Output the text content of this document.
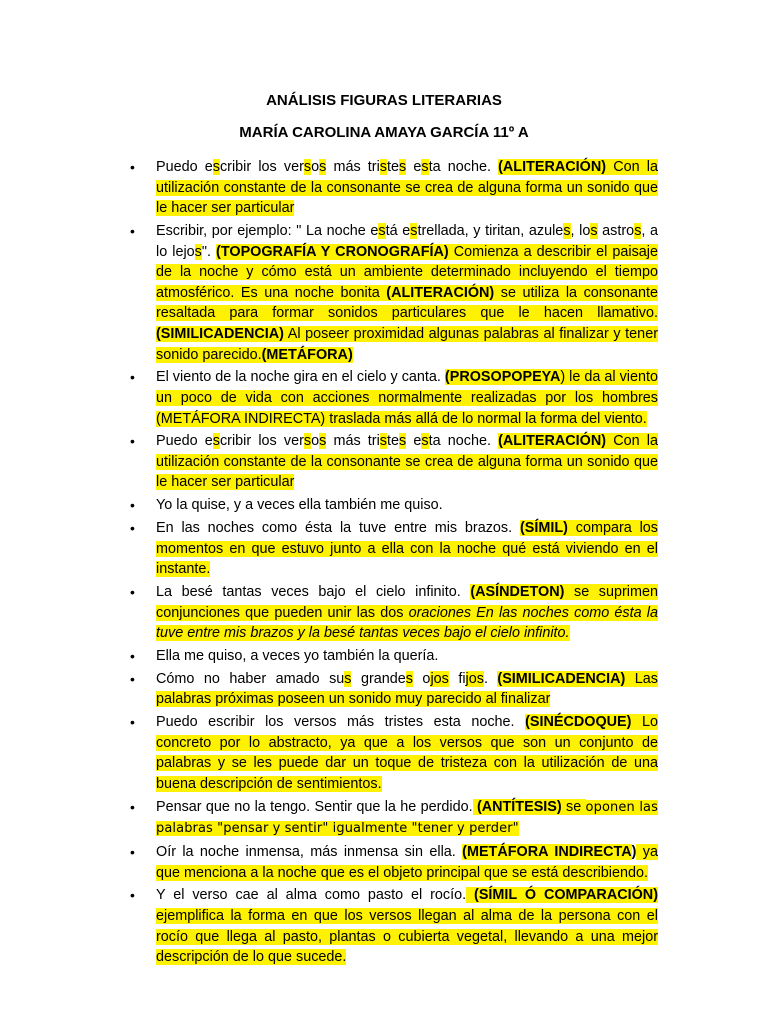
ANÁLISIS FIGURAS LITERARIAS
MARÍA CAROLINA AMAYA GARCÍA 11º A
• Puedo escribir los versos más tristes esta noche. (ALITERACIÓN) Con la utilización constante de la consonante se crea de alguna forma un sonido que le hacer ser particular
• Escribir, por ejemplo: " La noche está estrellada, y tiritan, azules, los astros, a lo lejos". (TOPOGRAFÍA Y CRONOGRAFÍA) Comienza a describir el paisaje de la noche y cómo está un ambiente determinado incluyendo el tiempo atmosférico. Es una noche bonita (ALITERACIÓN) se utiliza la consonante resaltada para formar sonidos particulares que le hacen llamativo. (SIMILICADENCIA) Al poseer proximidad algunas palabras al finalizar y tener sonido parecido.(METÁFORA)
• El viento de la noche gira en el cielo y canta. (PROSOPOPEYA) le da al viento un poco de vida con acciones normalmente realizadas por los hombres (METÁFORA INDIRECTA) traslada más allá de lo normal la forma del viento.
• Puedo escribir los versos más tristes esta noche. (ALITERACIÓN) Con la utilización constante de la consonante se crea de alguna forma un sonido que le hacer ser particular
• Yo la quise, y a veces ella también me quiso.
• En las noches como ésta la tuve entre mis brazos. (SÍMIL) compara los momentos en que estuvo junto a ella con la noche qué está viviendo en el instante.
• La besé tantas veces bajo el cielo infinito. (ASÍNDETON) se suprimen conjunciones que pueden unir las dos oraciones En las noches como ésta la tuve entre mis brazos y la besé tantas veces bajo el cielo infinito.
• Ella me quiso, a veces yo también la quería.
• Cómo no haber amado sus grandes ojos fijos. (SIMILICADENCIA) Las palabras próximas poseen un sonido muy parecido al finalizar
• Puedo escribir los versos más tristes esta noche. (SINÉCDOQUE) Lo concreto por lo abstracto, ya que a los versos que son un conjunto de palabras y se les puede dar un toque de tristeza con la utilización de una buena descripción de sentimientos.
• Pensar que no la tengo. Sentir que la he perdido. (ANTÍTESIS) se oponen las palabras "pensar y sentir" igualmente "tener y perder"
• Oír la noche inmensa, más inmensa sin ella. (METÁFORA INDIRECTA) ya que menciona a la noche que es el objeto principal que se está describiendo.
• Y el verso cae al alma como pasto el rocío. (SÍMIL Ó COMPARACIÓN) ejemplifica la forma en que los versos llegan al alma de la persona con el rocío que llega al pasto, plantas o cubierta vegetal, llevando a una mejor descripción de lo que sucede.
